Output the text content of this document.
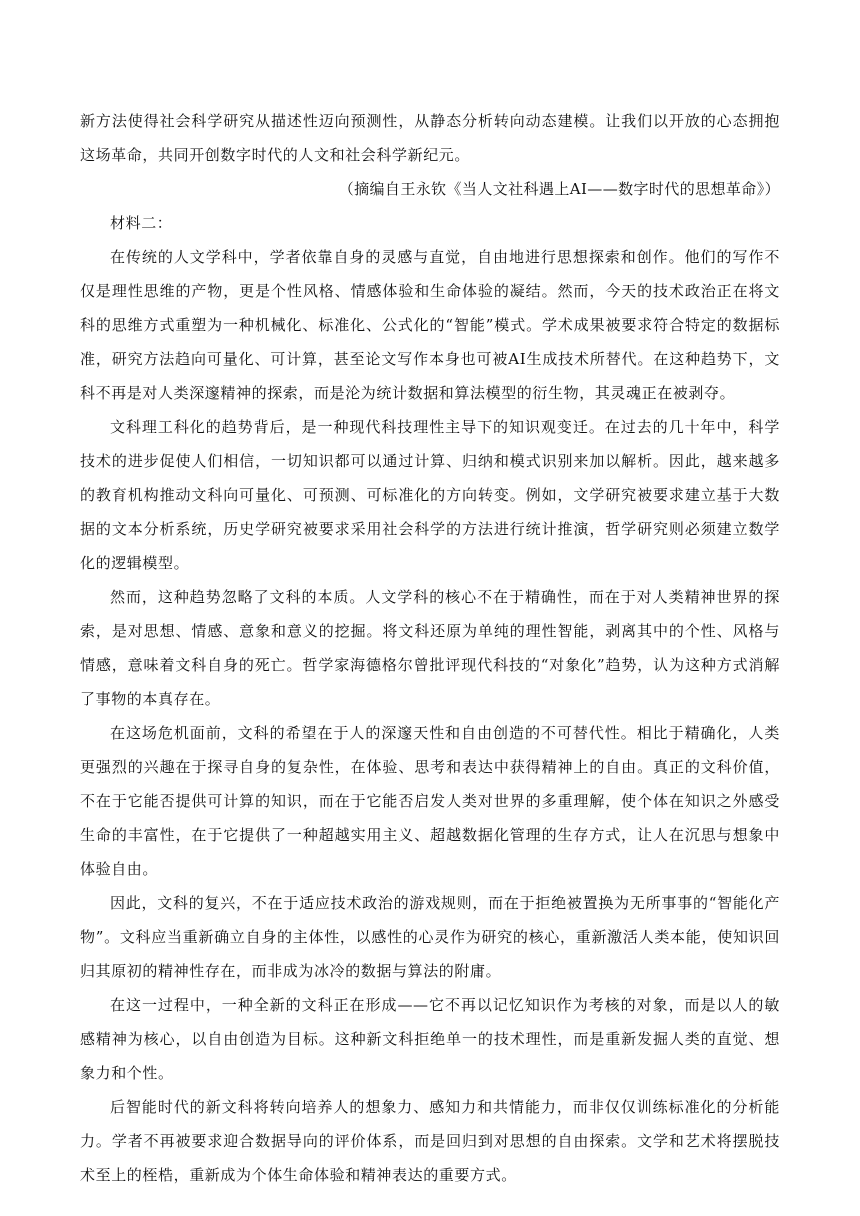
新方法使得社会科学研究从描述性迈向预测性，从静态分析转向动态建模。让我们以开放的心态拥抱这场革命，共同开创数字时代的人文和社会科学新纪元。

（摘编自王永钦《当人文社科遇上AI——数字时代的思想革命》）

材料二：

在传统的人文学科中，学者依靠自身的灵感与直觉，自由地进行思想探索和创作。他们的写作不仅是理性思维的产物，更是个性风格、情感体验和生命体验的凝结。然而，今天的技术政治正在将文科的思维方式重塑为一种机械化、标准化、公式化的“智能”模式。学术成果被要求符合特定的数据标准，研究方法趋向可量化、可计算，甚至论文写作本身也可被AI生成技术所替代。在这种趋势下，文科不再是对人类深邃精神的探索，而是沦为统计数据和算法模型的衍生物，其灵魂正在被剥夺。

文科理工科化的趋势背后，是一种现代科技理性主导下的知识观变迁。在过去的几十年中，科学技术的进步促使人们相信，一切知识都可以通过计算、归纳和模式识别来加以解析。因此，越来越多的教育机构推动文科向可量化、可预测、可标准化的方向转变。例如，文学研究被要求建立基于大数据的文本分析系统，历史学研究被要求采用社会科学的方法进行统计推演，哲学研究则必须建立数学化的逻辑模型。

然而，这种趋势忽略了文科的本质。人文学科的核心不在于精确性，而在于对人类精神世界的探索，是对思想、情感、意象和意义的挖掘。将文科还原为单纯的理性智能，剥离其中的个性、风格与情感，意味着文科自身的死亡。哲学家海德格尔曾批评现代科技的“对象化”趋势，认为这种方式消解了事物的本真存在。

在这场危机面前，文科的希望在于人的深邃天性和自由创造的不可替代性。相比于精确化，人类更强烈的兴趣在于探寻自身的复杂性，在体验、思考和表达中获得精神上的自由。真正的文科价值，不在于它能否提供可计算的知识，而在于它能否启发人类对世界的多重理解，使个体在知识之外感受生命的丰富性，在于它提供了一种超越实用主义、超越数据化管理的生存方式，让人在沉思与想象中体验自由。

因此，文科的复兴，不在于适应技术政治的游戏规则，而在于拒绝被置换为无所事事的“智能化产物”。文科应当重新确立自身的主体性，以感性的心灵作为研究的核心，重新激活人类本能，使知识回归其原初的精神性存在，而非成为冰冷的数据与算法的附庸。

在这一过程中，一种全新的文科正在形成——它不再以记忆知识作为考核的对象，而是以人的敏感精神为核心，以自由创造为目标。这种新文科拒绝单一的技术理性，而是重新发掘人类的直觉、想象力和个性。

后智能时代的新文科将转向培养人的想象力、感知力和共情能力，而非仅仅训练标准化的分析能力。学者不再被要求迎合数据导向的评价体系，而是回归到对思想的自由探索。文学和艺术将摆脱技术至上的桎梏，重新成为个体生命体验和精神表达的重要方式。
